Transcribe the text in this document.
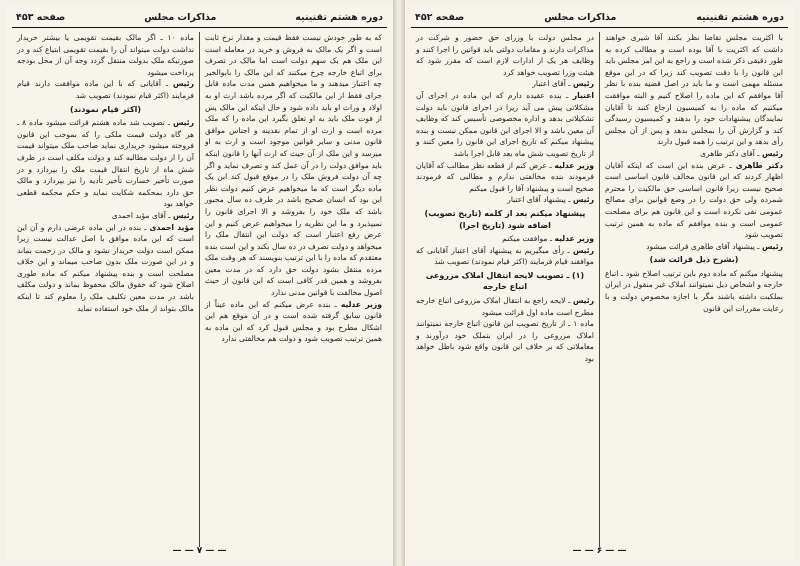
دوره هشتم تقنینیه
مذاکرات مجلس
صفحه ۴۵۳

که به طور خودش نیست فقط قیمت و مقدار نرخ ثابت است و اگر یک مالک به فروش و خرید در معامله است این ملک هم یک سهم دولت است اما مالک در تصرف برای اتباع خارجه چرخ میکنند که این مالک را بابوالخیر چه اعتبار میدهند و ما میخواهیم همین مدت ماده قابل جرای فقط از این مالکیت که اگر مرده باشد ارث او به اولاد و وراث او باید داده شود و حال اینکه این مالک پس از فوت ملک باید به او تعلق بگیرد این ماده را که ملک مرده است و ارث او از تمام نقدینه و اجناس موافق قانون مدنی و سایر قوانین موجود است و ارث به او میرسد و این ملک از آن حیث که ارث آنها را قانون اینکه باید موافق دولت را در آن عمل کند و تصرف نماید و اگر چه آن دولت فروش ملک را در موقع قبول کند این یک ماده دیگر است که ما میخواهیم عرض کنیم دولت نظر این بود که انسان صحیح باشد در طرف ده سال مجبور باشد که ملک خود را بفروشد و الا اجرای قانون را نمیپذیرد و ما این نظریه را میخواهیم عرض کنیم و این عرض رفع اعتبار است که دولت این انتقال ملک را میخواهد و دولت تصرف در ده سال بکند و این است بنده معتقدم که ماده را با این ترتیب بنویسند که هر وقت ملک مرده منتقل بشود دولت حق دارد که در مدت معین بفروشد و همین قدر کافی است که این قانون از حیث اصول مخالفت با قوانین مدنی ندارد

وزیر عدلیه ـ بنده عرض میکنم که این ماده عیناً از قانون سابق گرفته شده است و در آن موقع هم این اشکال مطرح بود و مجلس قبول کرد که این ماده به همین ترتیب تصویب شود و دولت هم مخالفتی ندارد

ماده ۱۰ ـ اگر مالک بقیمت تقویمی یا بیشتر خریدار نداشت دولت میتواند آن را بقیمت تقویمی ابتیاع کند و در صورتیکه ملک بدولت منتقل گردد وجه آن از محل بودجه پرداخت میشود

رئیس ـ آقایانی که با این ماده موافقت دارند قیام فرمایند (اکثر قیام نمودند) تصویب شد

(اکثر قیام نمودند)

رئیس ـ تصویب شد ماده هشتم قرائت میشود ماده ۸ ـ هر گاه دولت قیمت ملکی را که بموجب این قانون فروخته میشود خریداری نماید صاحب ملک میتواند قیمت آن را از دولت مطالبه کند و دولت مکلف است در ظرف شش ماه از تاریخ انتقال قیمت ملک را بپردازد و در صورت تأخیر خسارت تأخیر تأدیه را نیز بپردازد و مالک حق دارد بمحکمه شکایت نماید و حکم محکمه قطعی خواهد بود

رئیس ـ آقای مؤید احمدی

مؤید احمدی ـ بنده در این ماده عرضی دارم و آن این است که این ماده موافق با اصل عدالت نیست زیرا ممکن است دولت خریدار نشود و مالک در زحمت بماند و در این صورت ملک بدون صاحب میماند و این خلاف مصلحت است و بنده پیشنهاد میکنم که ماده طوری اصلاح شود که حقوق مالک محفوظ بماند و دولت مکلف باشد در مدت معین تکلیف ملک را معلوم کند تا اینکه مالک بتواند از ملک خود استفاده نماید

— — ۷ — —
دوره هشتم تقنینیه
مذاکرات مجلس
صفحه ۴۵۲

با اکثریت مجلس تقاضا نظر بکنند آقا شیری خواهند داشت که اکثریت با آقا بوده است و مطالب کرده به طور دقیقی ذکر شده است و راجع به این امر مجلس باید این قانون را با دقت تصویب کند زیرا که در این موقع مسئله مهمی است و ما باید در اصل قضیه بنده با نظر آقا موافقم که این ماده را اصلاح کنیم و البته موافقت میکنیم که ماده را به کمیسیون ارجاع کنند تا آقایان نمایندگان پیشنهادات خود را بدهند و کمیسیون رسیدگی کند و گزارش آن را بمجلس بدهد و پس از آن مجلس رأی بدهد و این ترتیب را همه قبول دارند

رئیس ـ آقای دکتر طاهری

دکتر طاهری ـ عرض بنده این است که اینکه آقایان اظهار کردند که این قانون مخالف قانون اساسی است صحیح نیست زیرا قانون اساسی حق مالکیت را محترم شمرده ولی حق دولت را در وضع قوانین برای مصالح عمومی نفی نکرده است و این قانون هم برای مصلحت عمومی است و بنده موافقم که ماده به همین ترتیب تصویب شود

رئیس ـ پیشنهاد آقای طاهری قرائت میشود

(بشرح ذیل قرائت شد)

پیشنهاد میکنم که ماده دوم باین ترتیب اصلاح شود ـ اتباع خارجه و اشخاص ذیل نمیتوانند املاک غیر منقول در ایران بملکیت داشته باشند مگر با اجازه مخصوص دولت و با رعایت مقررات این قانون

در مجلس دولت با وزرای حق حضور و شرکت در مذاکرات دارند و مقامات دولتی باید قوانین را اجرا کنند و وظایف هر یک از ادارات لازم است که مقرر شود که هیئت وزرا تصویب خواهد کرد

رئیس ـ آقای اعتبار

اعتبار ـ بنده عقیده دارم که این ماده در اجرای آن مشکلاتی پیش می آید زیرا در اجرای قانون باید دولت تشکیلاتی بدهد و اداره مخصوصی تأسیس کند که وظایف آن معین باشد و الا اجرای این قانون ممکن نیست و بنده پیشنهاد میکنم که تاریخ اجرای این قانون را معین کنند و از تاریخ تصویب شش ماه بعد قابل اجرا باشد

وزیر عدلیه ـ عرض کنم از قطعه نظر مطالب که آقایان فرمودند بنده مخالفتی ندارم و مطالبی که فرمودند صحیح است و پیشنهاد آقا را قبول میکنم

رئیس ـ پیشنهاد آقای اعتبار

پیشنهاد میکنم بعد از کلمه (تاریخ تصویب) اضافه شود (تاریخ اجرا)

وزیر عدلیه ـ موافقت میکنم

رئیس ـ رأی میگیریم به پیشنهاد آقای اعتبار آقایانی که موافقند قیام فرمایند (اکثر قیام نمودند) تصویب شد

(۱) ـ تصویب لایحه انتقال املاک مزروعی اتباع خارجه

رئیس ـ لایحه راجع به انتقال املاک مزروعی اتباع خارجه مطرح است ماده اول قرائت میشود

ماده ۱ ـ از تاریخ تصویب این قانون اتباع خارجه نمیتوانند املاک مزروعی را در ایران بتملک خود درآورند و معاملاتی که بر خلاف این قانون واقع شود باطل خواهد بود

— — ۶ — —
